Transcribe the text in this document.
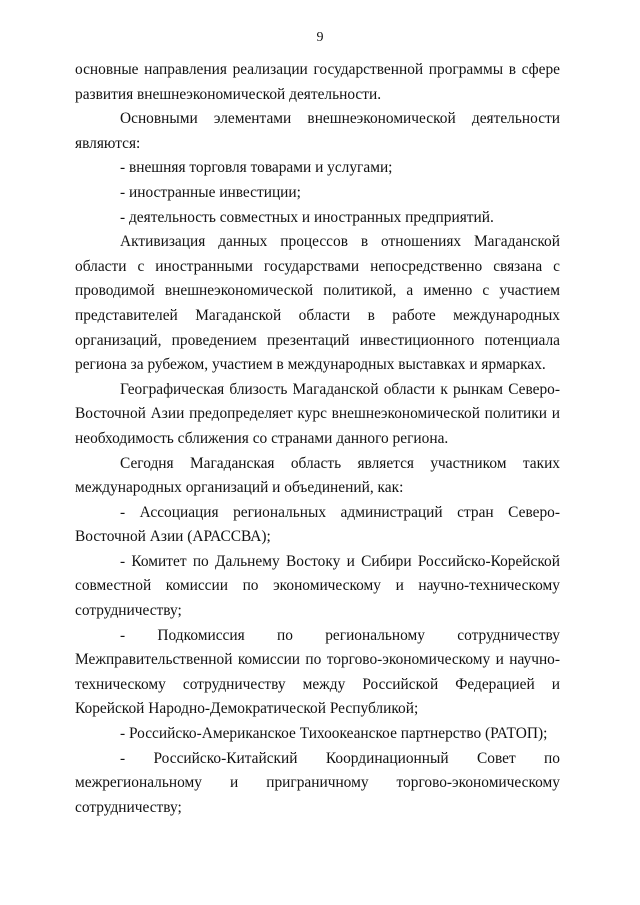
9

основные направления реализации государственной программы в сфере развития внешнеэкономической деятельности.

Основными элементами внешнеэкономической деятельности являются:

- внешняя торговля товарами и услугами;

- иностранные инвестиции;

- деятельность совместных и иностранных предприятий.

Активизация данных процессов в отношениях Магаданской области с иностранными государствами непосредственно связана с проводимой внешнеэкономической политикой, а именно с участием представителей Магаданской области в работе международных организаций, проведением презентаций инвестиционного потенциала региона за рубежом, участием в международных выставках и ярмарках.

Географическая близость Магаданской области к рынкам Северо-Восточной Азии предопределяет курс внешнеэкономической политики и необходимость сближения со странами данного региона.

Сегодня Магаданская область является участником таких международных организаций и объединений, как:

- Ассоциация региональных администраций стран Северо-Восточной Азии (АРАССВА);

- Комитет по Дальнему Востоку и Сибири Российско-Корейской совместной комиссии по экономическому и научно-техническому сотрудничеству;

- Подкомиссия по региональному сотрудничеству Межправительственной комиссии по торгово-экономическому и научно-техническому сотрудничеству между Российской Федерацией и Корейской Народно-Демократической Республикой;

- Российско-Американское Тихоокеанское партнерство (РАТОП);

- Российско-Китайский Координационный Совет по межрегиональному и приграничному торгово-экономическому сотрудничеству;
